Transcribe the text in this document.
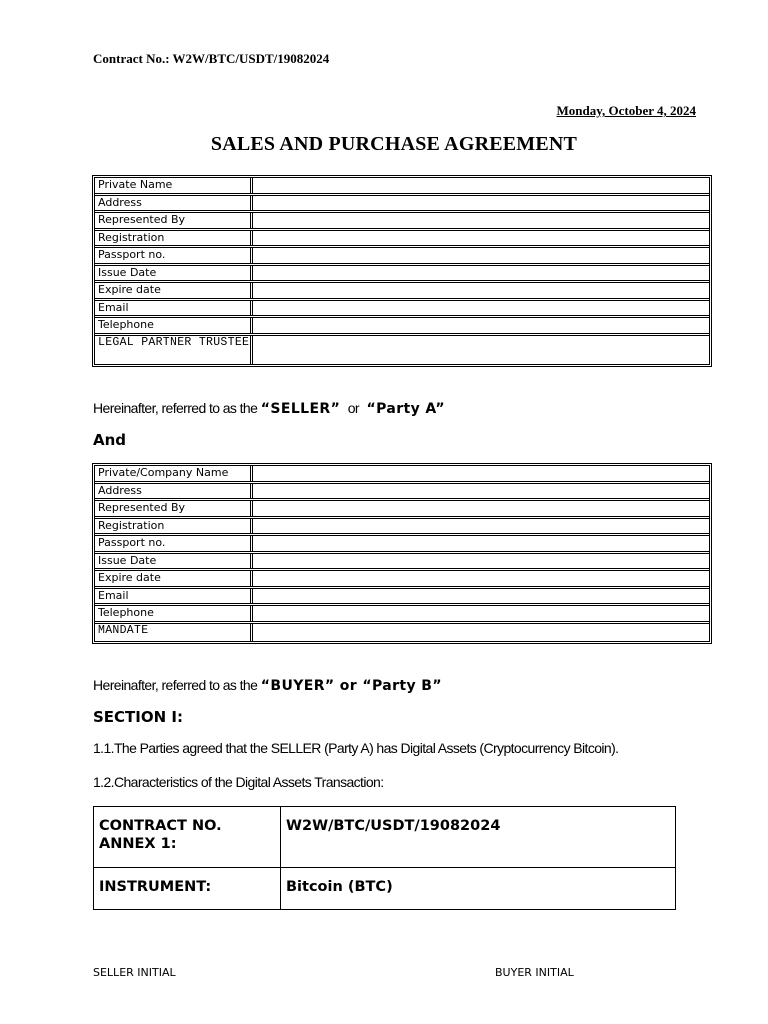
Contract No.: W2W/BTC/USDT/19082024
Monday, October 4, 2024
SALES AND PURCHASE AGREEMENT
Private Name
Address
Represented By
Registration
Passport no.
Issue Date
Expire date
Email
Telephone
LEGAL PARTNER TRUSTEE
Hereinafter, referred to as the “SELLER” or “Party A”
And
Private/Company Name
Address
Represented By
Registration
Passport no.
Issue Date
Expire date
Email
Telephone
MANDATE
Hereinafter, referred to as the “BUYER” or “Party B”
SECTION I:
1.1.The Parties agreed that the SELLER (Party A) has Digital Assets (Cryptocurrency Bitcoin).
1.2.Characteristics of the Digital Assets Transaction:
CONTRACT NO. ANNEX 1:	W2W/BTC/USDT/19082024
INSTRUMENT:	Bitcoin (BTC)
SELLER INITIAL	BUYER INITIAL
